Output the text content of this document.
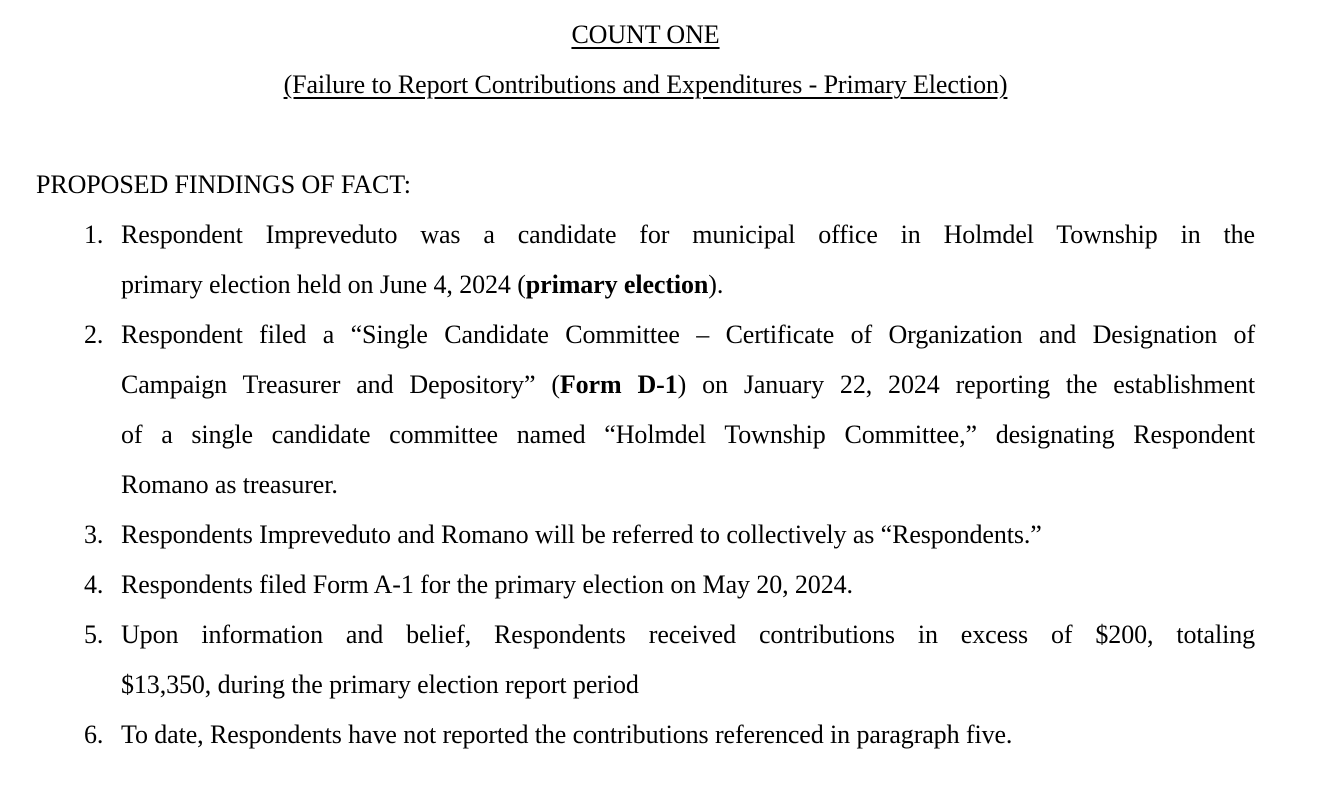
COUNT ONE
(Failure to Report Contributions and Expenditures - Primary Election)

PROPOSED FINDINGS OF FACT:

1. Respondent Impreveduto was a candidate for municipal office in Holmdel Township in the
primary election held on June 4, 2024 (primary election).
2. Respondent filed a “Single Candidate Committee – Certificate of Organization and Designation of
Campaign Treasurer and Depository” (Form D-1) on January 22, 2024 reporting the establishment
of a single candidate committee named “Holmdel Township Committee,” designating Respondent
Romano as treasurer.
3. Respondents Impreveduto and Romano will be referred to collectively as “Respondents.”
4. Respondents filed Form A-1 for the primary election on May 20, 2024.
5. Upon information and belief, Respondents received contributions in excess of $200, totaling
$13,350, during the primary election report period
6. To date, Respondents have not reported the contributions referenced in paragraph five.
